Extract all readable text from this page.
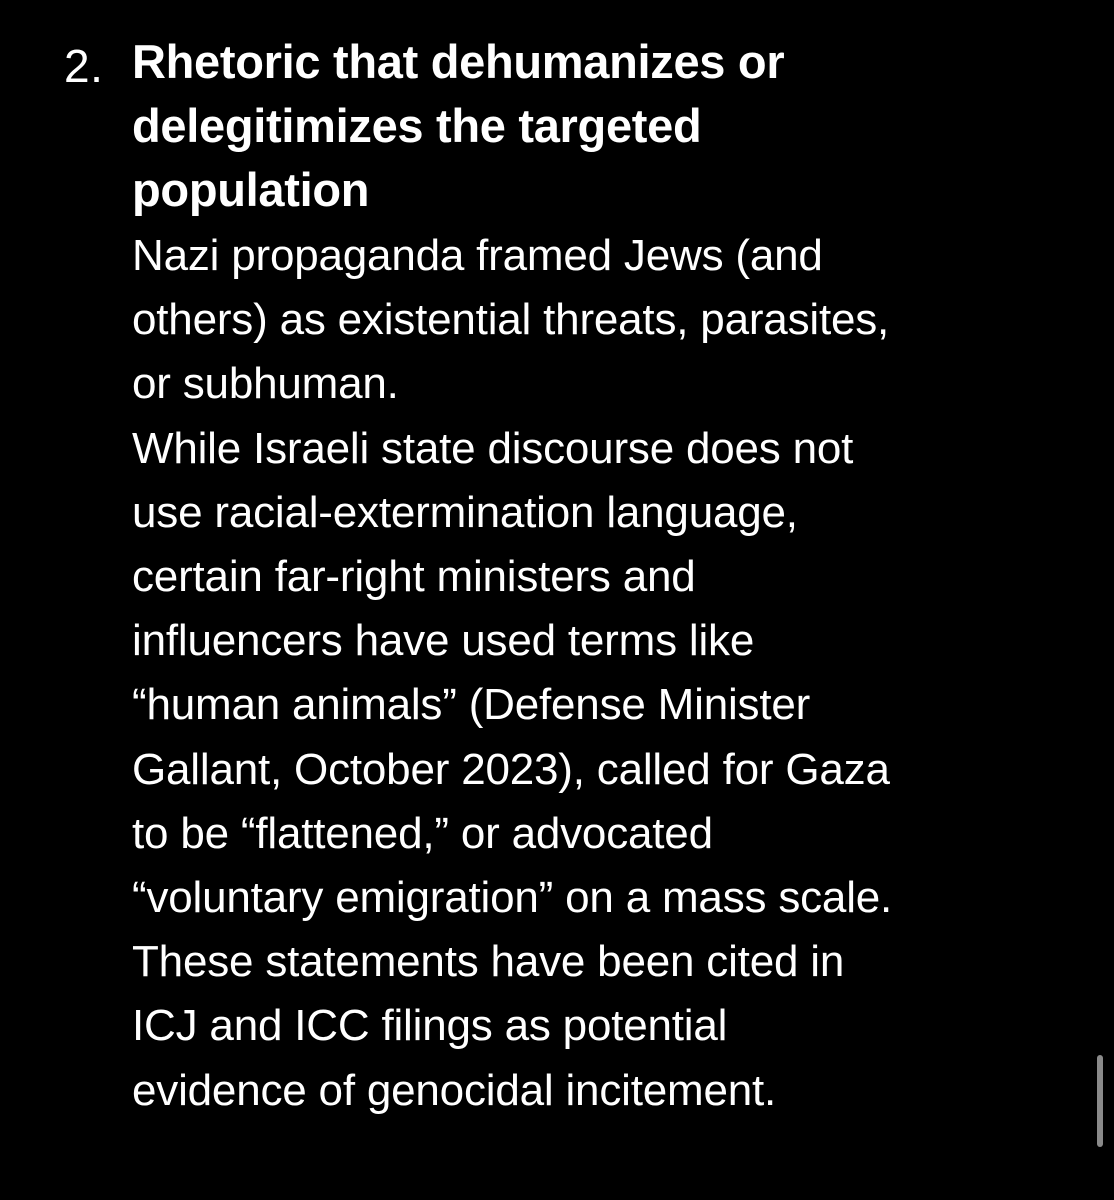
2. Rhetoric that dehumanizes or
delegitimizes the targeted
population
Nazi propaganda framed Jews (and
others) as existential threats, parasites,
or subhuman.
While Israeli state discourse does not
use racial-extermination language,
certain far-right ministers and
influencers have used terms like
“human animals” (Defense Minister
Gallant, October 2023), called for Gaza
to be “flattened,” or advocated
“voluntary emigration” on a mass scale.
These statements have been cited in
ICJ and ICC filings as potential
evidence of genocidal incitement.
